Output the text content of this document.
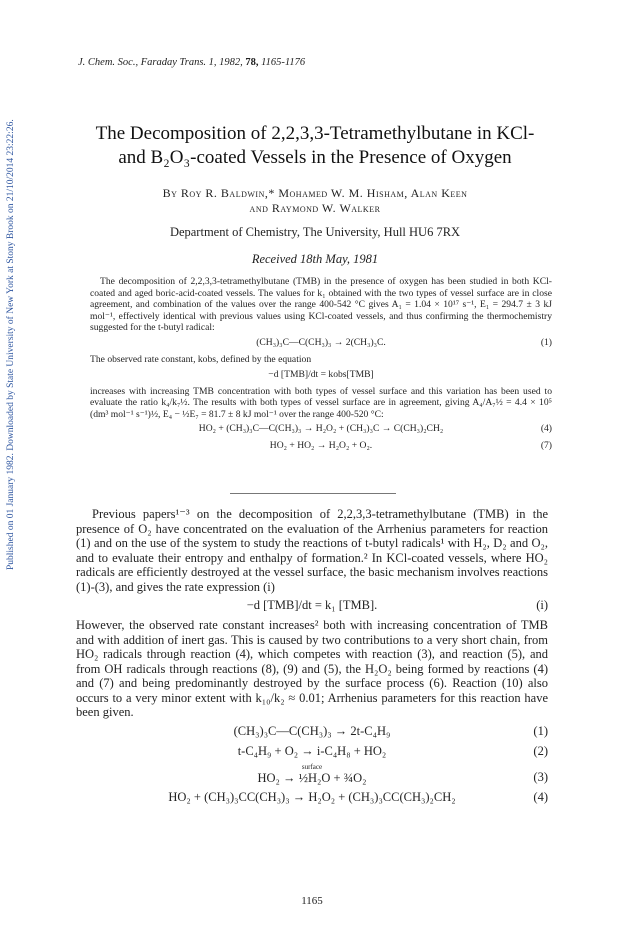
Published on 01 January 1982. Downloaded by State University of New York at Stony Brook on 21/10/2014 23:22:26.
J. Chem. Soc., Faraday Trans. 1, 1982, 78, 1165-1176
The Decomposition of 2,2,3,3-Tetramethylbutane in KCl-
and B₂O₃-coated Vessels in the Presence of Oxygen
By Roy R. Baldwin,* Mohamed W. M. Hisham, Alan Keen
and Raymond W. Walker
Department of Chemistry, The University, Hull HU6 7RX
Received 18th May, 1981

The decomposition of 2,2,3,3-tetramethylbutane (TMB) in the presence of oxygen has been studied in both KCl-coated and aged boric-acid-coated vessels. The values for k₁ obtained with the two types of vessel surface are in close agreement, and combination of the values over the range 400-542 °C gives A₁ = 1.04 × 10¹⁷ s⁻¹, E₁ = 294.7 ± 3 kJ mol⁻¹, effectively identical with previous values using KCl-coated vessels, and thus confirming the thermochemistry suggested for the t-butyl radical:

(CH₃)₃C—C(CH₃)₃ → 2(CH₃)₃C.	(1)

The observed rate constant, kobs, defined by the equation

−d [TMB]/dt = kobs[TMB]

increases with increasing TMB concentration with both types of vessel surface and this variation has been used to evaluate the ratio k₄/k₇½. The results with both types of vessel surface are in agreement, giving A₄/A₇½ = 4.4 × 10⁵ (dm³ mol⁻¹ s⁻¹)½, E₄ − ½E₇ = 81.7 ± 8 kJ mol⁻¹ over the range 400-520 °C:

HO₂ + (CH₃)₃C—C(CH₃)₃ → H₂O₂ + (CH₃)₃C → C(CH₃)₂CH₂	(4)
HO₂ + HO₂ → H₂O₂ + O₂.	(7)

Previous papers¹⁻³ on the decomposition of 2,2,3,3-tetramethylbutane (TMB) in the presence of O₂ have concentrated on the evaluation of the Arrhenius parameters for reaction (1) and on the use of the system to study the reactions of t-butyl radicals¹ with H₂, D₂ and O₂, and to evaluate their entropy and enthalpy of formation.² In KCl-coated vessels, where HO₂ radicals are efficiently destroyed at the vessel surface, the basic mechanism involves reactions (1)-(3), and gives the rate expression (i)

−d [TMB]/dt = k₁ [TMB].	(i)

However, the observed rate constant increases² both with increasing concentration of TMB and with addition of inert gas. This is caused by two contributions to a very short chain, from HO₂ radicals through reaction (4), which competes with reaction (3), and reaction (5), and from OH radicals through reactions (8), (9) and (5), the H₂O₂ being formed by reactions (4) and (7) and being predominantly destroyed by the surface process (6). Reaction (10) also occurs to a very minor extent with k₁₀/k₂ ≈ 0.01; Arrhenius parameters for this reaction have been given.

(CH₃)₃C—C(CH₃)₃ → 2t-C₄H₉	(1)
t-C₄H₉ + O₂ → i-C₄H₈ + HO₂	(2)
surface
HO₂ → ½H₂O + ¾O₂	(3)
HO₂ + (CH₃)₃CC(CH₃)₃ → H₂O₂ + (CH₃)₃CC(CH₃)₂CH₂	(4)
1165
